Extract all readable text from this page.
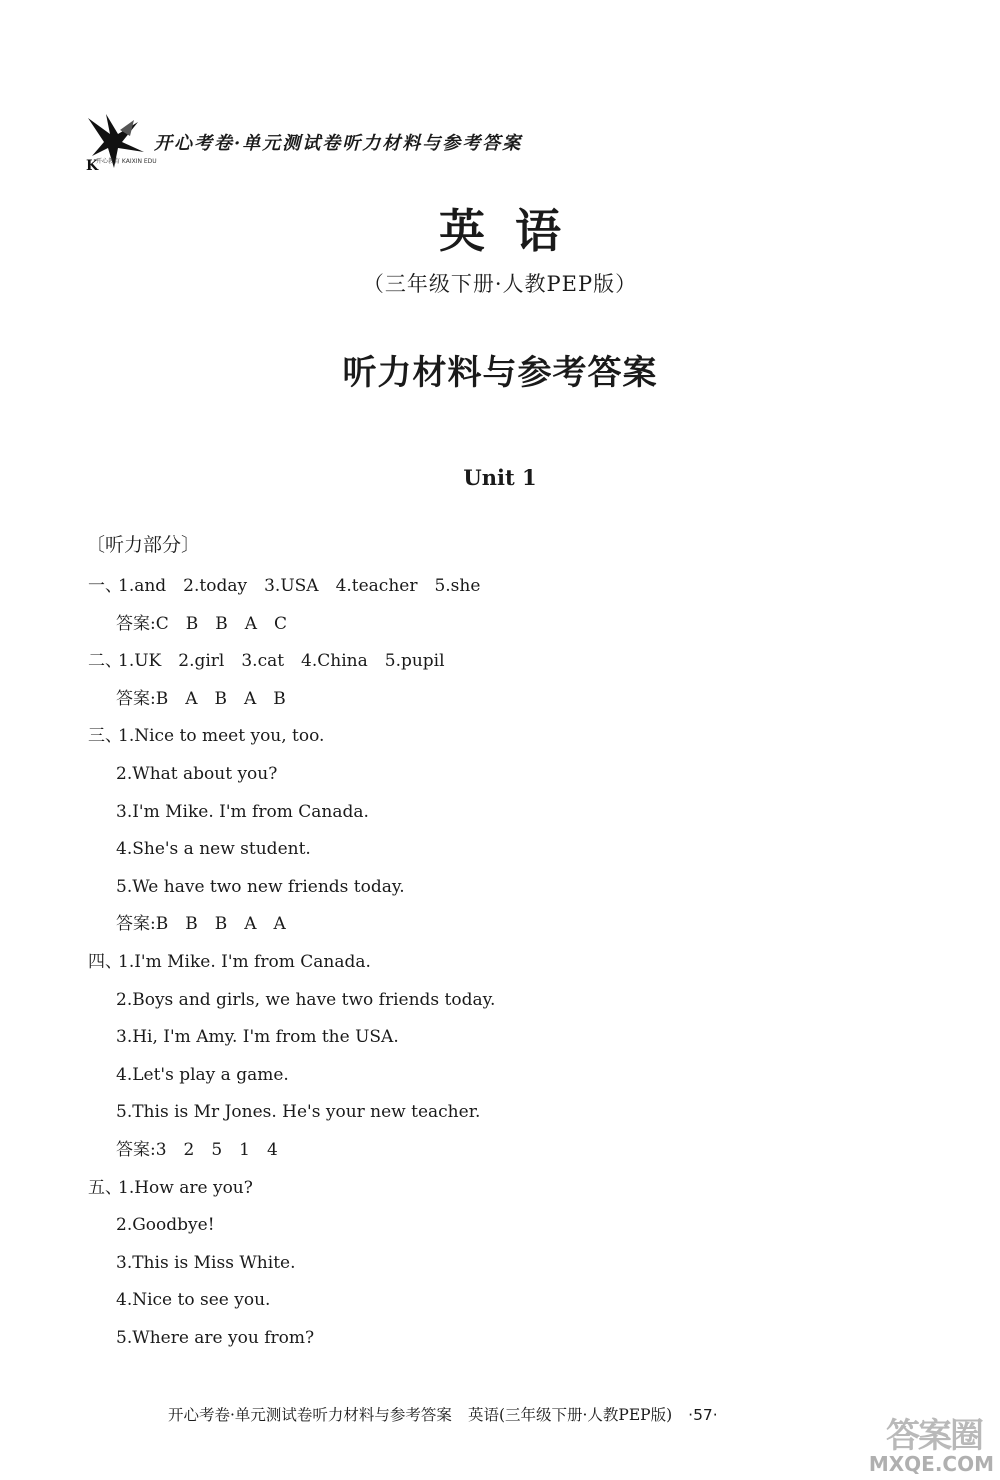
K
开心教育 KAIXIN EDU
开心考卷·单元测试卷听力材料与参考答案
英语
（三年级下册·人教PEP版）
听力材料与参考答案
Unit 1
〔听力部分〕
一、1.and　2.today　3.USA　4.teacher　5.she
答案:C　B　B　A　C
二、1.UK　2.girl　3.cat　4.China　5.pupil
答案:B　A　B　A　B
三、1.Nice to meet you, too.
2.What about you?
3.I'm Mike. I'm from Canada.
4.She's a new student.
5.We have two new friends today.
答案:B　B　B　A　A
四、1.I'm Mike. I'm from Canada.
2.Boys and girls, we have two friends today.
3.Hi, I'm Amy. I'm from the USA.
4.Let's play a game.
5.This is Mr Jones. He's your new teacher.
答案:3　2　5　1　4
五、1.How are you?
2.Goodbye!
3.This is Miss White.
4.Nice to see you.
5.Where are you from?
开心考卷·单元测试卷听力材料与参考答案 英语(三年级下册·人教PEP版) ·57·
答案圈
MXQE.COM
